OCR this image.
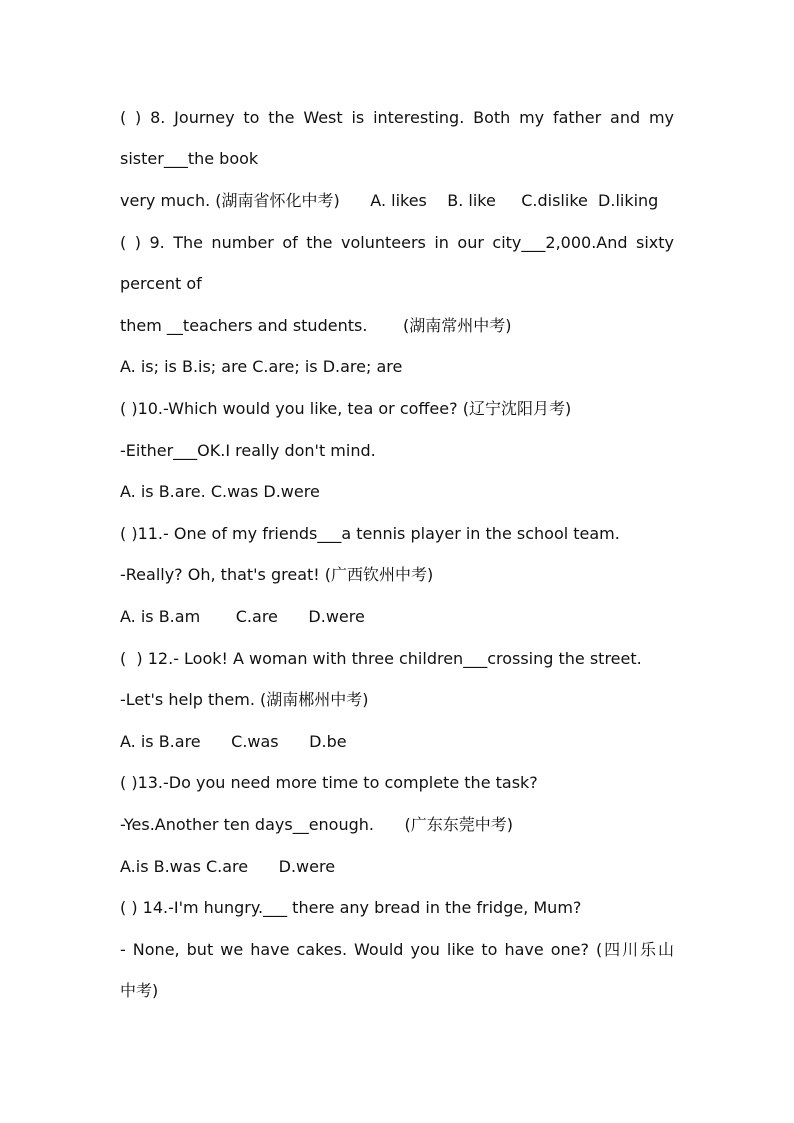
( ) 8. Journey to the West is interesting. Both my father and my
sister___the book
very much. (湖南省怀化中考)      A. likes    B. like     C.dislike  D.liking
( ) 9. The number of the volunteers in our city___2,000.And sixty
percent of
them __teachers and students.       (湖南常州中考)
A. is; is B.is; are C.are; is D.are; are
( )10.-Which would you like, tea or coffee? (辽宁沈阳月考)
-Either___OK.I really don't mind.
A. is B.are. C.was D.were
( )11.- One of my friends___a tennis player in the school team.
-Really? Oh, that's great! (广西钦州中考)
A. is B.am       C.are      D.were
(  ) 12.- Look! A woman with three children___crossing the street.
-Let's help them. (湖南郴州中考)
A. is B.are      C.was      D.be
( )13.-Do you need more time to complete the task?
-Yes.Another ten days__enough.      (广东东莞中考)
A.is B.was C.are      D.were
( ) 14.-I'm hungry.___ there any bread in the fridge, Mum?
- None, but we have cakes. Would you like to have one? (四川乐山
中考)
